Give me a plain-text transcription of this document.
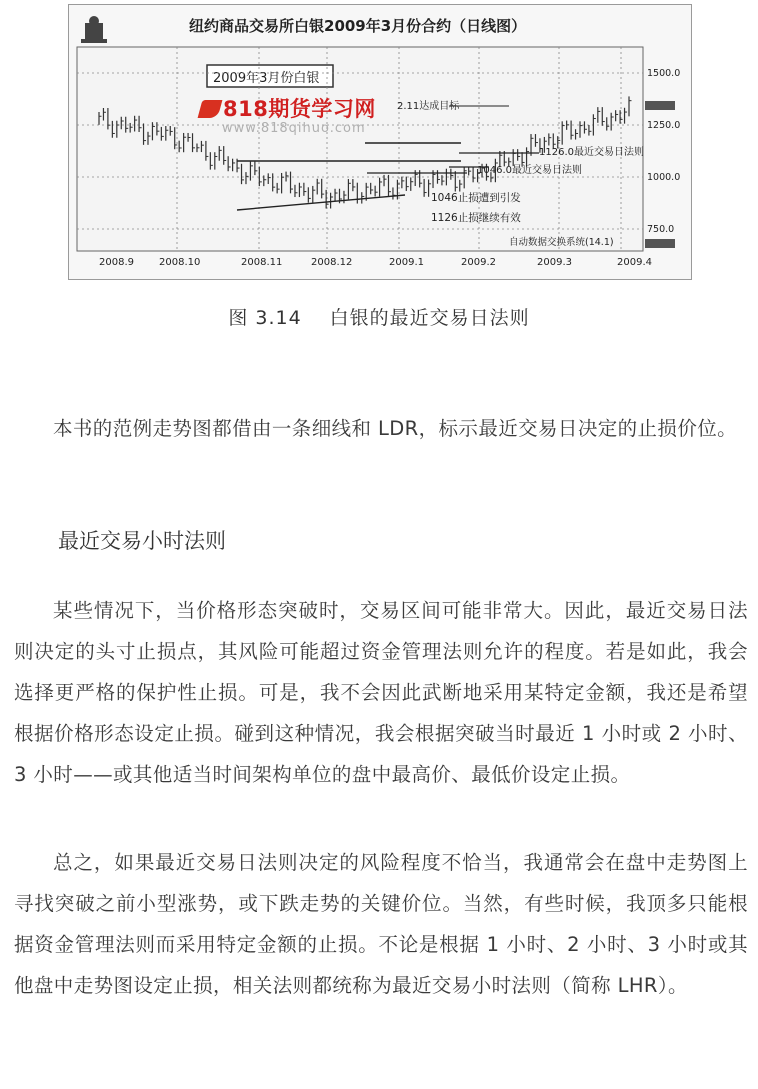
纽约商品交易所白银2009年3月份合约（日线图）
2009年3月份白银
2.11达成目标
1126.0最近交易日法则
1046.0最近交易日法则
1046止损遭到引发
1126止损继续有效
自动数据交换系统(14.1)
1500.0
1250.0
1000.0
750.0
2008.9	2008.10	2008.11	2008.12	2009.1	2009.2	2009.3	2009.4
818期货学习网
www.818qihuo.com
图 3.14 白银的最近交易日法则
本书的范例走势图都借由一条细线和 LDR，标示最近交易日决定的止损价位。
最近交易小时法则
某些情况下，当价格形态突破时，交易区间可能非常大。因此，最近交易日法则决定的头寸止损点，其风险可能超过资金管理法则允许的程度。若是如此，我会选择更严格的保护性止损。可是，我不会因此武断地采用某特定金额，我还是希望根据价格形态设定止损。碰到这种情况，我会根据突破当时最近 1 小时或 2 小时、3 小时——或其他适当时间架构单位的盘中最高价、最低价设定止损。
总之，如果最近交易日法则决定的风险程度不恰当，我通常会在盘中走势图上寻找突破之前小型涨势，或下跌走势的关键价位。当然，有些时候，我顶多只能根据资金管理法则而采用特定金额的止损。不论是根据 1 小时、2 小时、3 小时或其他盘中走势图设定止损，相关法则都统称为最近交易小时法则（简称 LHR）。
